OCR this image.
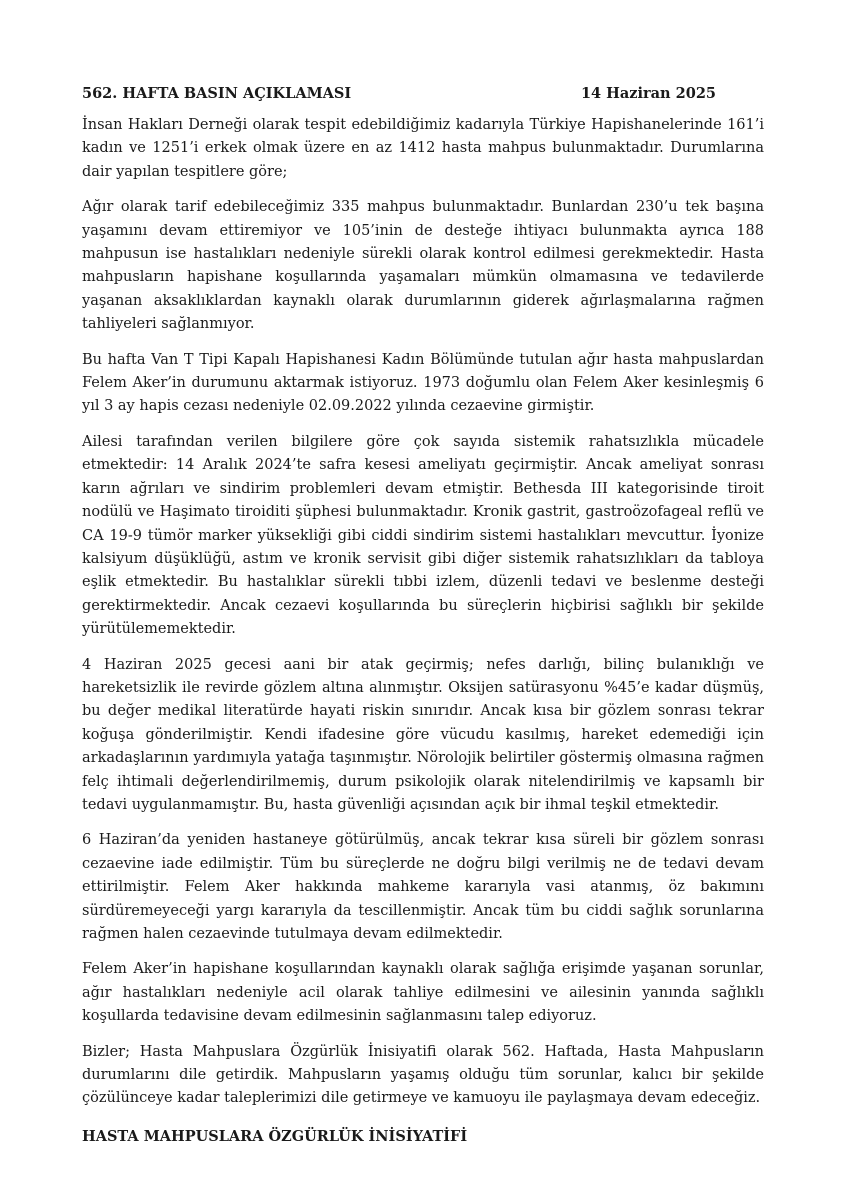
562. HAFTA BASIN AÇIKLAMASI	14 Haziran 2025

İnsan Hakları Derneği olarak tespit edebildiğimiz kadarıyla Türkiye Hapishanelerinde 161’i kadın ve 1251’i erkek olmak üzere en az 1412 hasta mahpus bulunmaktadır. Durumlarına dair yapılan tespitlere göre;

Ağır olarak tarif edebileceğimiz 335 mahpus bulunmaktadır. Bunlardan 230’u tek başına yaşamını devam ettiremiyor ve 105’inin de desteğe ihtiyacı bulunmakta ayrıca 188 mahpusun ise hastalıkları nedeniyle sürekli olarak kontrol edilmesi gerekmektedir. Hasta mahpusların hapishane koşullarında yaşamaları mümkün olmamasına ve tedavilerde yaşanan aksaklıklardan kaynaklı olarak durumlarının giderek ağırlaşmalarına rağmen tahliyeleri sağlanmıyor.

Bu hafta Van T Tipi Kapalı Hapishanesi Kadın Bölümünde tutulan ağır hasta mahpuslardan Felem Aker’in durumunu aktarmak istiyoruz. 1973 doğumlu olan Felem Aker kesinleşmiş 6 yıl 3 ay hapis cezası nedeniyle 02.09.2022 yılında cezaevine girmiştir.

Ailesi tarafından verilen bilgilere göre çok sayıda sistemik rahatsızlıkla mücadele etmektedir: 14 Aralık 2024’te safra kesesi ameliyatı geçirmiştir. Ancak ameliyat sonrası karın ağrıları ve sindirim problemleri devam etmiştir. Bethesda III kategorisinde tiroit nodülü ve Haşimato tiroiditi şüphesi bulunmaktadır. Kronik gastrit, gastroözofageal reflü ve CA 19-9 tümör marker yüksekliği gibi ciddi sindirim sistemi hastalıkları mevcuttur. İyonize kalsiyum düşüklüğü, astım ve kronik servisit gibi diğer sistemik rahatsızlıkları da tabloya eşlik etmektedir. Bu hastalıklar sürekli tıbbi izlem, düzenli tedavi ve beslenme desteği gerektirmektedir. Ancak cezaevi koşullarında bu süreçlerin hiçbirisi sağlıklı bir şekilde yürütülememektedir.

4 Haziran 2025 gecesi aani bir atak geçirmiş; nefes darlığı, bilinç bulanıklığı ve hareketsizlik ile revirde gözlem altına alınmıştır. Oksijen satürasyonu %45’e kadar düşmüş, bu değer medikal literatürde hayati riskin sınırıdır. Ancak kısa bir gözlem sonrası tekrar koğuşa gönderilmiştir. Kendi ifadesine göre vücudu kasılmış, hareket edemediği için arkadaşlarının yardımıyla yatağa taşınmıştır. Nörolojik belirtiler göstermiş olmasına rağmen felç ihtimali değerlendirilmemiş, durum psikolojik olarak nitelendirilmiş ve kapsamlı bir tedavi uygulanmamıştır. Bu, hasta güvenliği açısından açık bir ihmal teşkil etmektedir.

6 Haziran’da yeniden hastaneye götürülmüş, ancak tekrar kısa süreli bir gözlem sonrası cezaevine iade edilmiştir. Tüm bu süreçlerde ne doğru bilgi verilmiş ne de tedavi devam ettirilmiştir. Felem Aker hakkında mahkeme kararıyla vasi atanmış, öz bakımını sürdüremeyeceği yargı kararıyla da tescillenmiştir. Ancak tüm bu ciddi sağlık sorunlarına rağmen halen cezaevinde tutulmaya devam edilmektedir.

Felem Aker’in hapishane koşullarından kaynaklı olarak sağlığa erişimde yaşanan sorunlar, ağır hastalıkları nedeniyle acil olarak tahliye edilmesini ve ailesinin yanında sağlıklı koşullarda tedavisine devam edilmesinin sağlanmasını talep ediyoruz.

Bizler; Hasta Mahpuslara Özgürlük İnisiyatifi olarak 562. Haftada, Hasta Mahpusların durumlarını dile getirdik. Mahpusların yaşamış olduğu tüm sorunlar, kalıcı bir şekilde çözülünceye kadar taleplerimizi dile getirmeye ve kamuoyu ile paylaşmaya devam edeceğiz.

HASTA MAHPUSLARA ÖZGÜRLÜK İNİSİYATİFİ
